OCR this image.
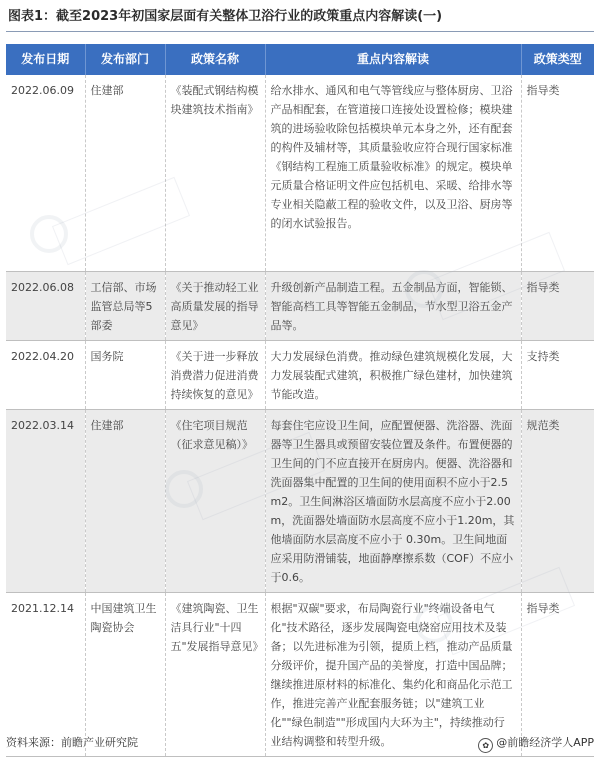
图表1：截至2023年初国家层面有关整体卫浴行业的政策重点内容解读(一)
发布日期	发布部门	政策名称	重点内容解读	政策类型
2022.06.09	住建部	《装配式钢结构模块建筑技术指南》	给水排水、通风和电气等管线应与整体厨房、卫浴产品相配套，在管道接口连接处设置检修；模块建筑的进场验收除包括模块单元本身之外，还有配套的构件及辅材等，其质量验收应符合现行国家标准《钢结构工程施工质量验收标准》的规定。模块单元质量合格证明文件应包括机电、采暖、给排水等专业相关隐蔽工程的验收文件，以及卫浴、厨房等的闭水试验报告。	指导类
2022.06.08	工信部、市场监管总局等5部委	《关于推动轻工业高质量发展的指导意见》	升级创新产品制造工程。五金制品方面，智能锁、智能高档工具等智能五金制品，节水型卫浴五金产品等。	指导类
2022.04.20	国务院	《关于进一步释放消费潜力促进消费持续恢复的意见》	大力发展绿色消费。推动绿色建筑规模化发展，大力发展装配式建筑，积极推广绿色建材，加快建筑节能改造。	支持类
2022.03.14	住建部	《住宅项目规范（征求意见稿）》	每套住宅应设卫生间，应配置便器、洗浴器、洗面器等卫生器具或预留安装位置及条件。布置便器的卫生间的门不应直接开在厨房内。便器、洗浴器和洗面器集中配置的卫生间的使用面积不应小于2.5m2。卫生间淋浴区墙面防水层高度不应小于2.00m，洗面器处墙面防水层高度不应小于1.20m，其他墙面防水层高度不应小于 0.30m。卫生间地面应采用防滑铺装，地面静摩擦系数（COF）不应小于0.6。	规范类
2021.12.14	中国建筑卫生陶瓷协会	《建筑陶瓷、卫生洁具行业"十四五"发展指导意见》	根据"双碳"要求，布局陶瓷行业"终端设备电气化"技术路径，逐步发展陶瓷电烧窑应用技术及装备；以先进标准为引领，提质上档，推动产品质量分级评价，提升国产品的美誉度，打造中国品牌；继续推进原材料的标准化、集约化和商品化示范工作，推进完善产业配套服务链；以"建筑工业化""绿色制造""形成国内大环为主"，持续推动行业结构调整和转型升级。	指导类
资料来源：前瞻产业研究院	✿ @前瞻经济学人APP
